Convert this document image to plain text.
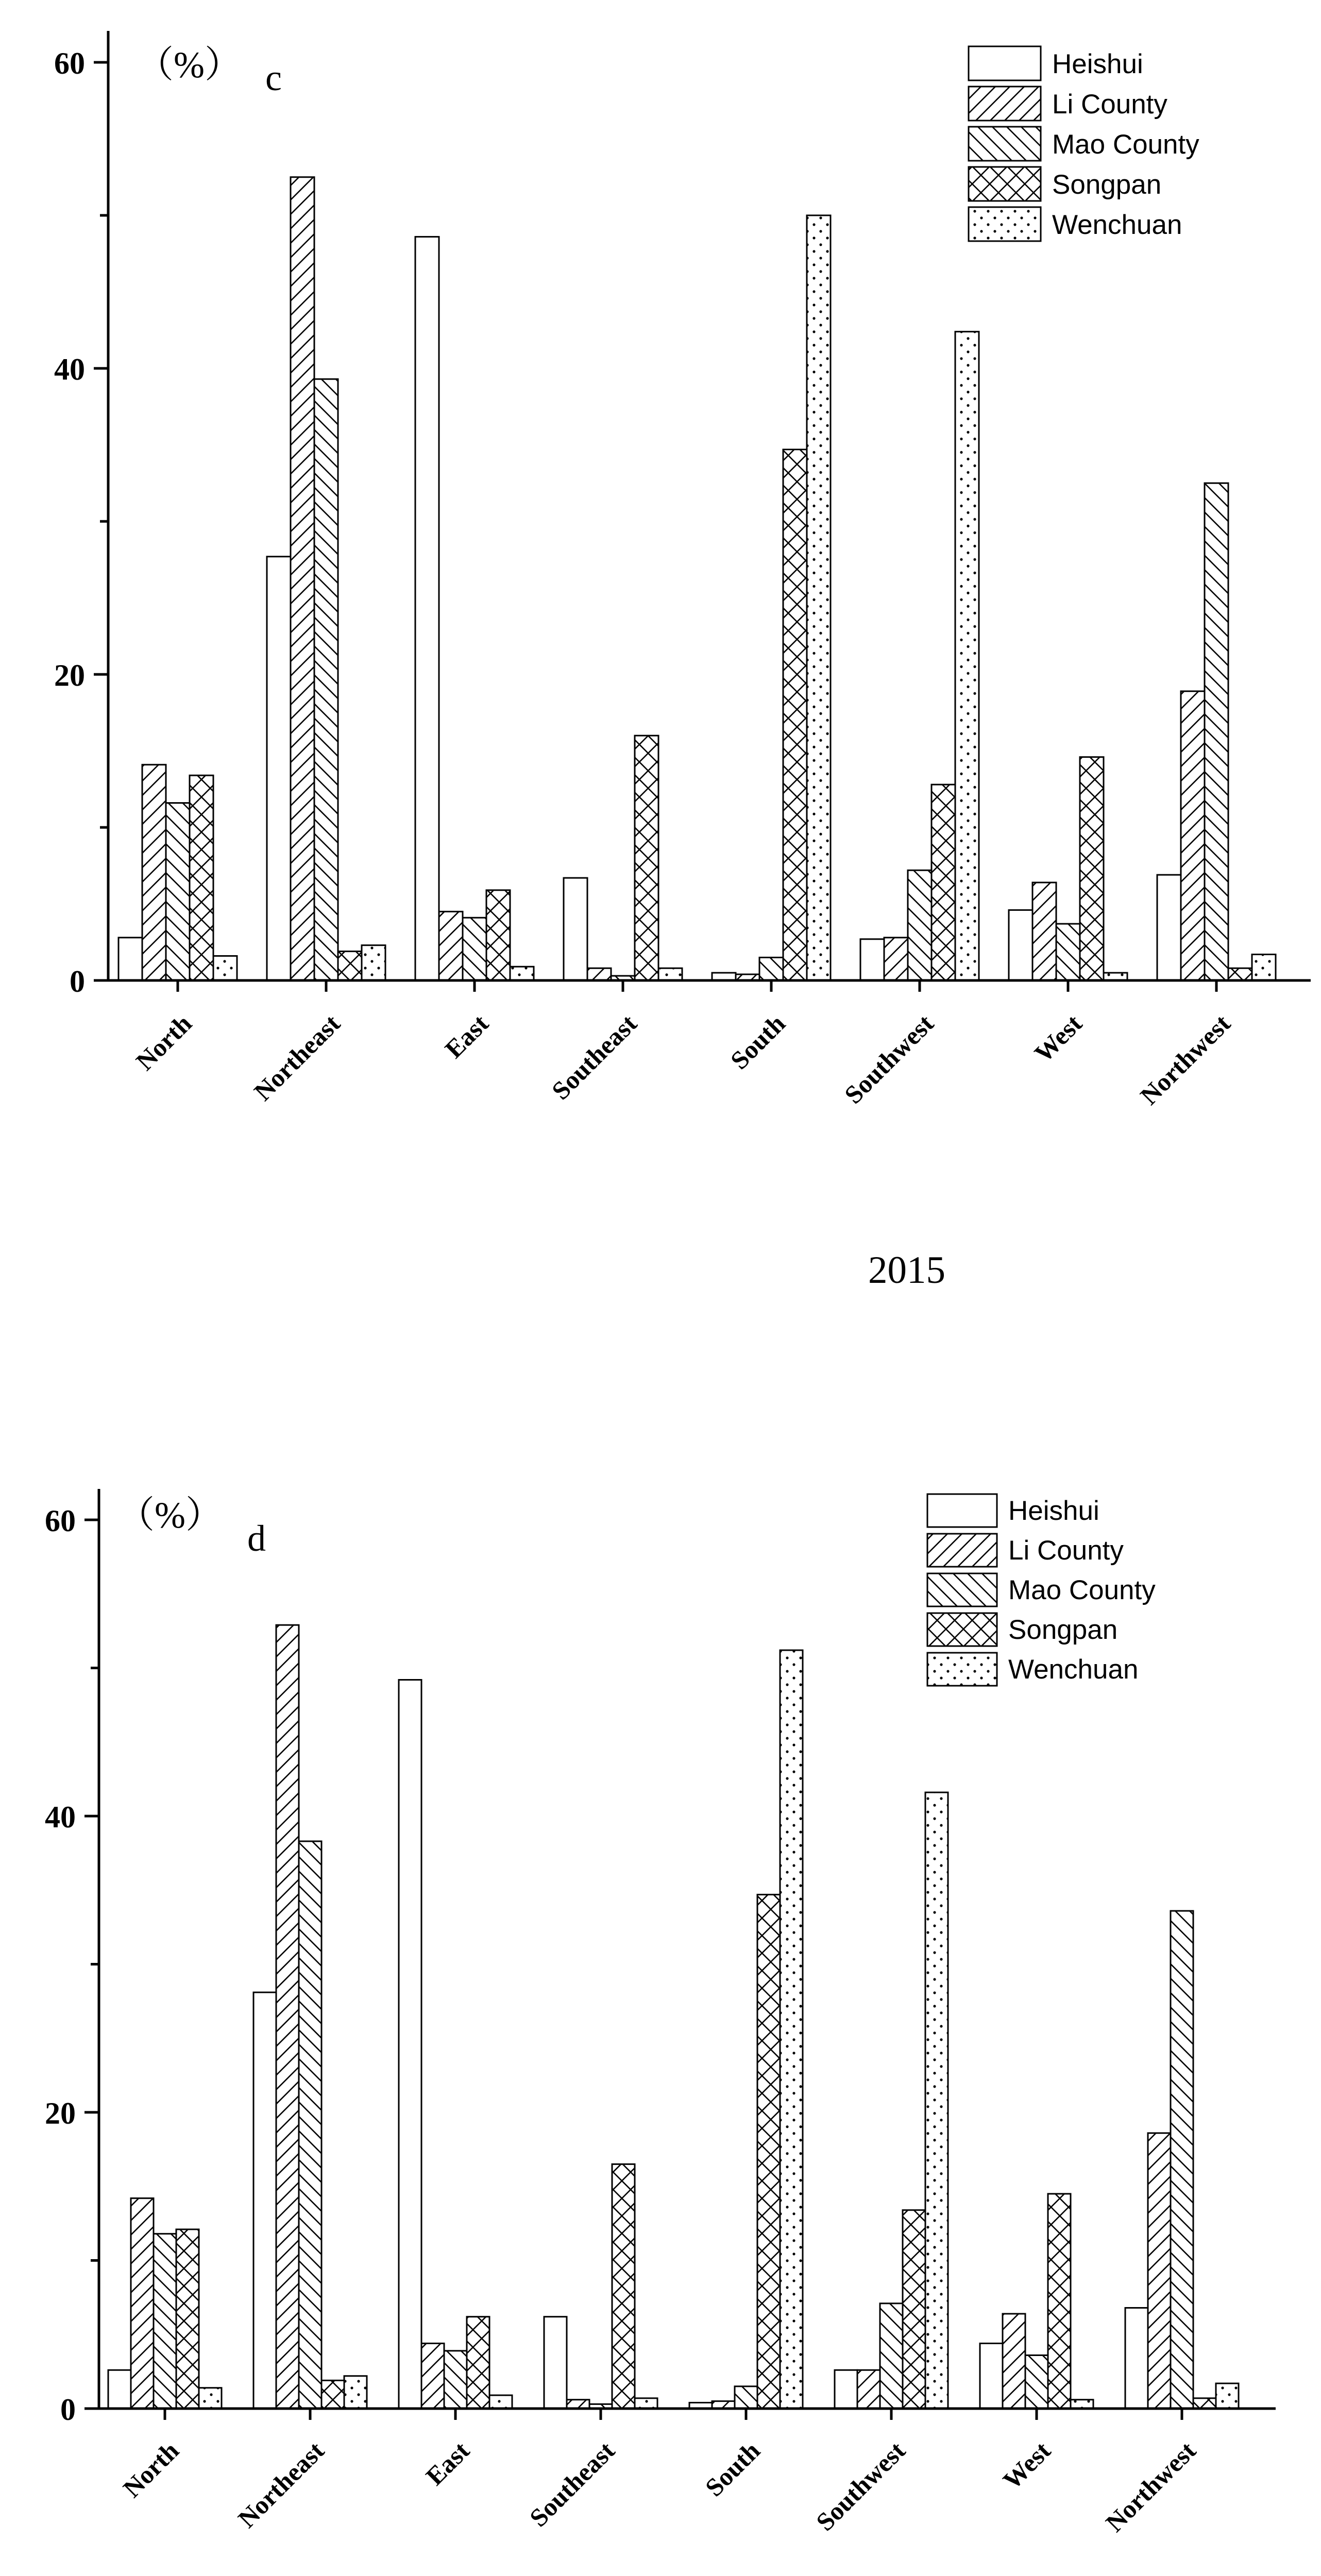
0
20
40
60
North Northeast	East Southeast	South Southwest	West Northwest
（%） c
2015
Heishui
Li County
Mao County
Songpan
Wenchuan
0
20
40
60
North Northeast	East Southeast	South Southwest	West Northwest
（%）
d
Heishui
Li County
Mao County
Songpan
Wenchuan
